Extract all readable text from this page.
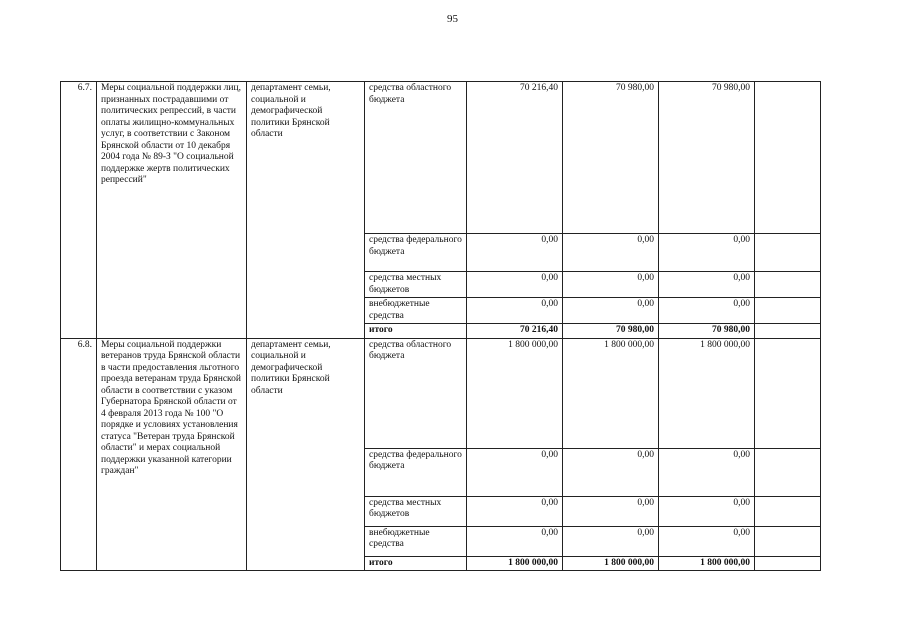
95
6.7.	Меры социальной поддержки лиц, признанных пострадавшими от политических репрессий, в части оплаты жилищно-коммунальных услуг, в соответствии с Законом Брянской области от 10 декабря 2004 года № 89-З "О социальной поддержке жертв политических репрессий"	департамент семьи, социальной и демографической политики Брянской области	средства областного бюджета	70 216,40	70 980,00	70 980,00	
			средства федерального бюджета	0,00	0,00	0,00	
			средства местных бюджетов	0,00	0,00	0,00	
			внебюджетные средства	0,00	0,00	0,00	
			итого	70 216,40	70 980,00	70 980,00	
6.8.	Меры социальной поддержки ветеранов труда Брянской области в части предоставления льготного проезда ветеранам труда Брянской области в соответствии с указом Губернатора Брянской области от 4 февраля 2013 года № 100 "О порядке и условиях установления статуса "Ветеран труда Брянской области" и мерах социальной поддержки указанной категории граждан"	департамент семьи, социальной и демографической политики Брянской области	средства областного бюджета	1 800 000,00	1 800 000,00	1 800 000,00	
			средства федерального бюджета	0,00	0,00	0,00	
			средства местных бюджетов	0,00	0,00	0,00	
			внебюджетные средства	0,00	0,00	0,00	
			итого	1 800 000,00	1 800 000,00	1 800 000,00	
